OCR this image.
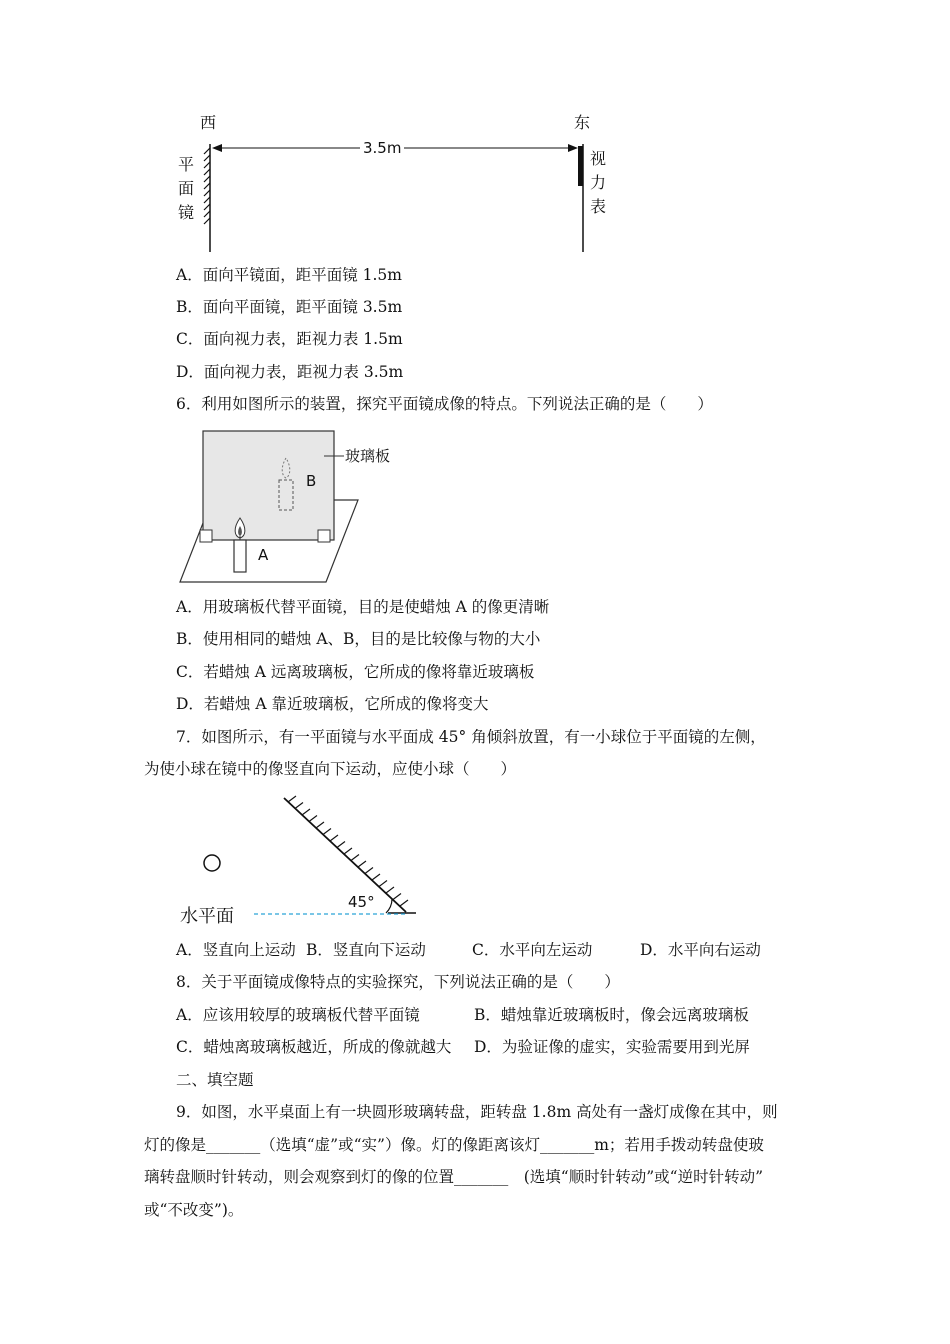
西	东
平
面
镜
3.5m
视
力
表
A．面向平镜面，距平面镜 1.5m
B．面向平面镜，距平面镜 3.5m
C．面向视力表，距视力表 1.5m
D．面向视力表，距视力表 3.5m
6．利用如图所示的装置，探究平面镜成像的特点。下列说法正确的是（　　）
B
A
玻璃板
A．用玻璃板代替平面镜，目的是使蜡烛 A 的像更清晰
B．使用相同的蜡烛 A、B，目的是比较像与物的大小
C．若蜡烛 A 远离玻璃板，它所成的像将靠近玻璃板
D．若蜡烛 A 靠近玻璃板，它所成的像将变大
7．如图所示，有一平面镜与水平面成 45° 角倾斜放置，有一小球位于平面镜的左侧，
为使小球在镜中的像竖直向下运动，应使小球（　　）
45°
水平面
A．竖直向上运动 B．竖直向下运动	C．水平向左运动	D．水平向右运动
8．关于平面镜成像特点的实验探究，下列说法正确的是（　　）
A．应该用较厚的玻璃板代替平面镜	B．蜡烛靠近玻璃板时，像会远离玻璃板
C．蜡烛离玻璃板越近，所成的像就越大 D．为验证像的虚实，实验需要用到光屏
二、填空题
9．如图，水平桌面上有一块圆形玻璃转盘，距转盘 1.8m 高处有一盏灯成像在其中，则
灯的像是_______（选填“虚”或“实”）像。灯的像距离该灯_______m；若用手拨动转盘使玻
璃转盘顺时针转动，则会观察到灯的像的位置_______　(选填“顺时针转动”或“逆时针转动”
或“不改变”)。
